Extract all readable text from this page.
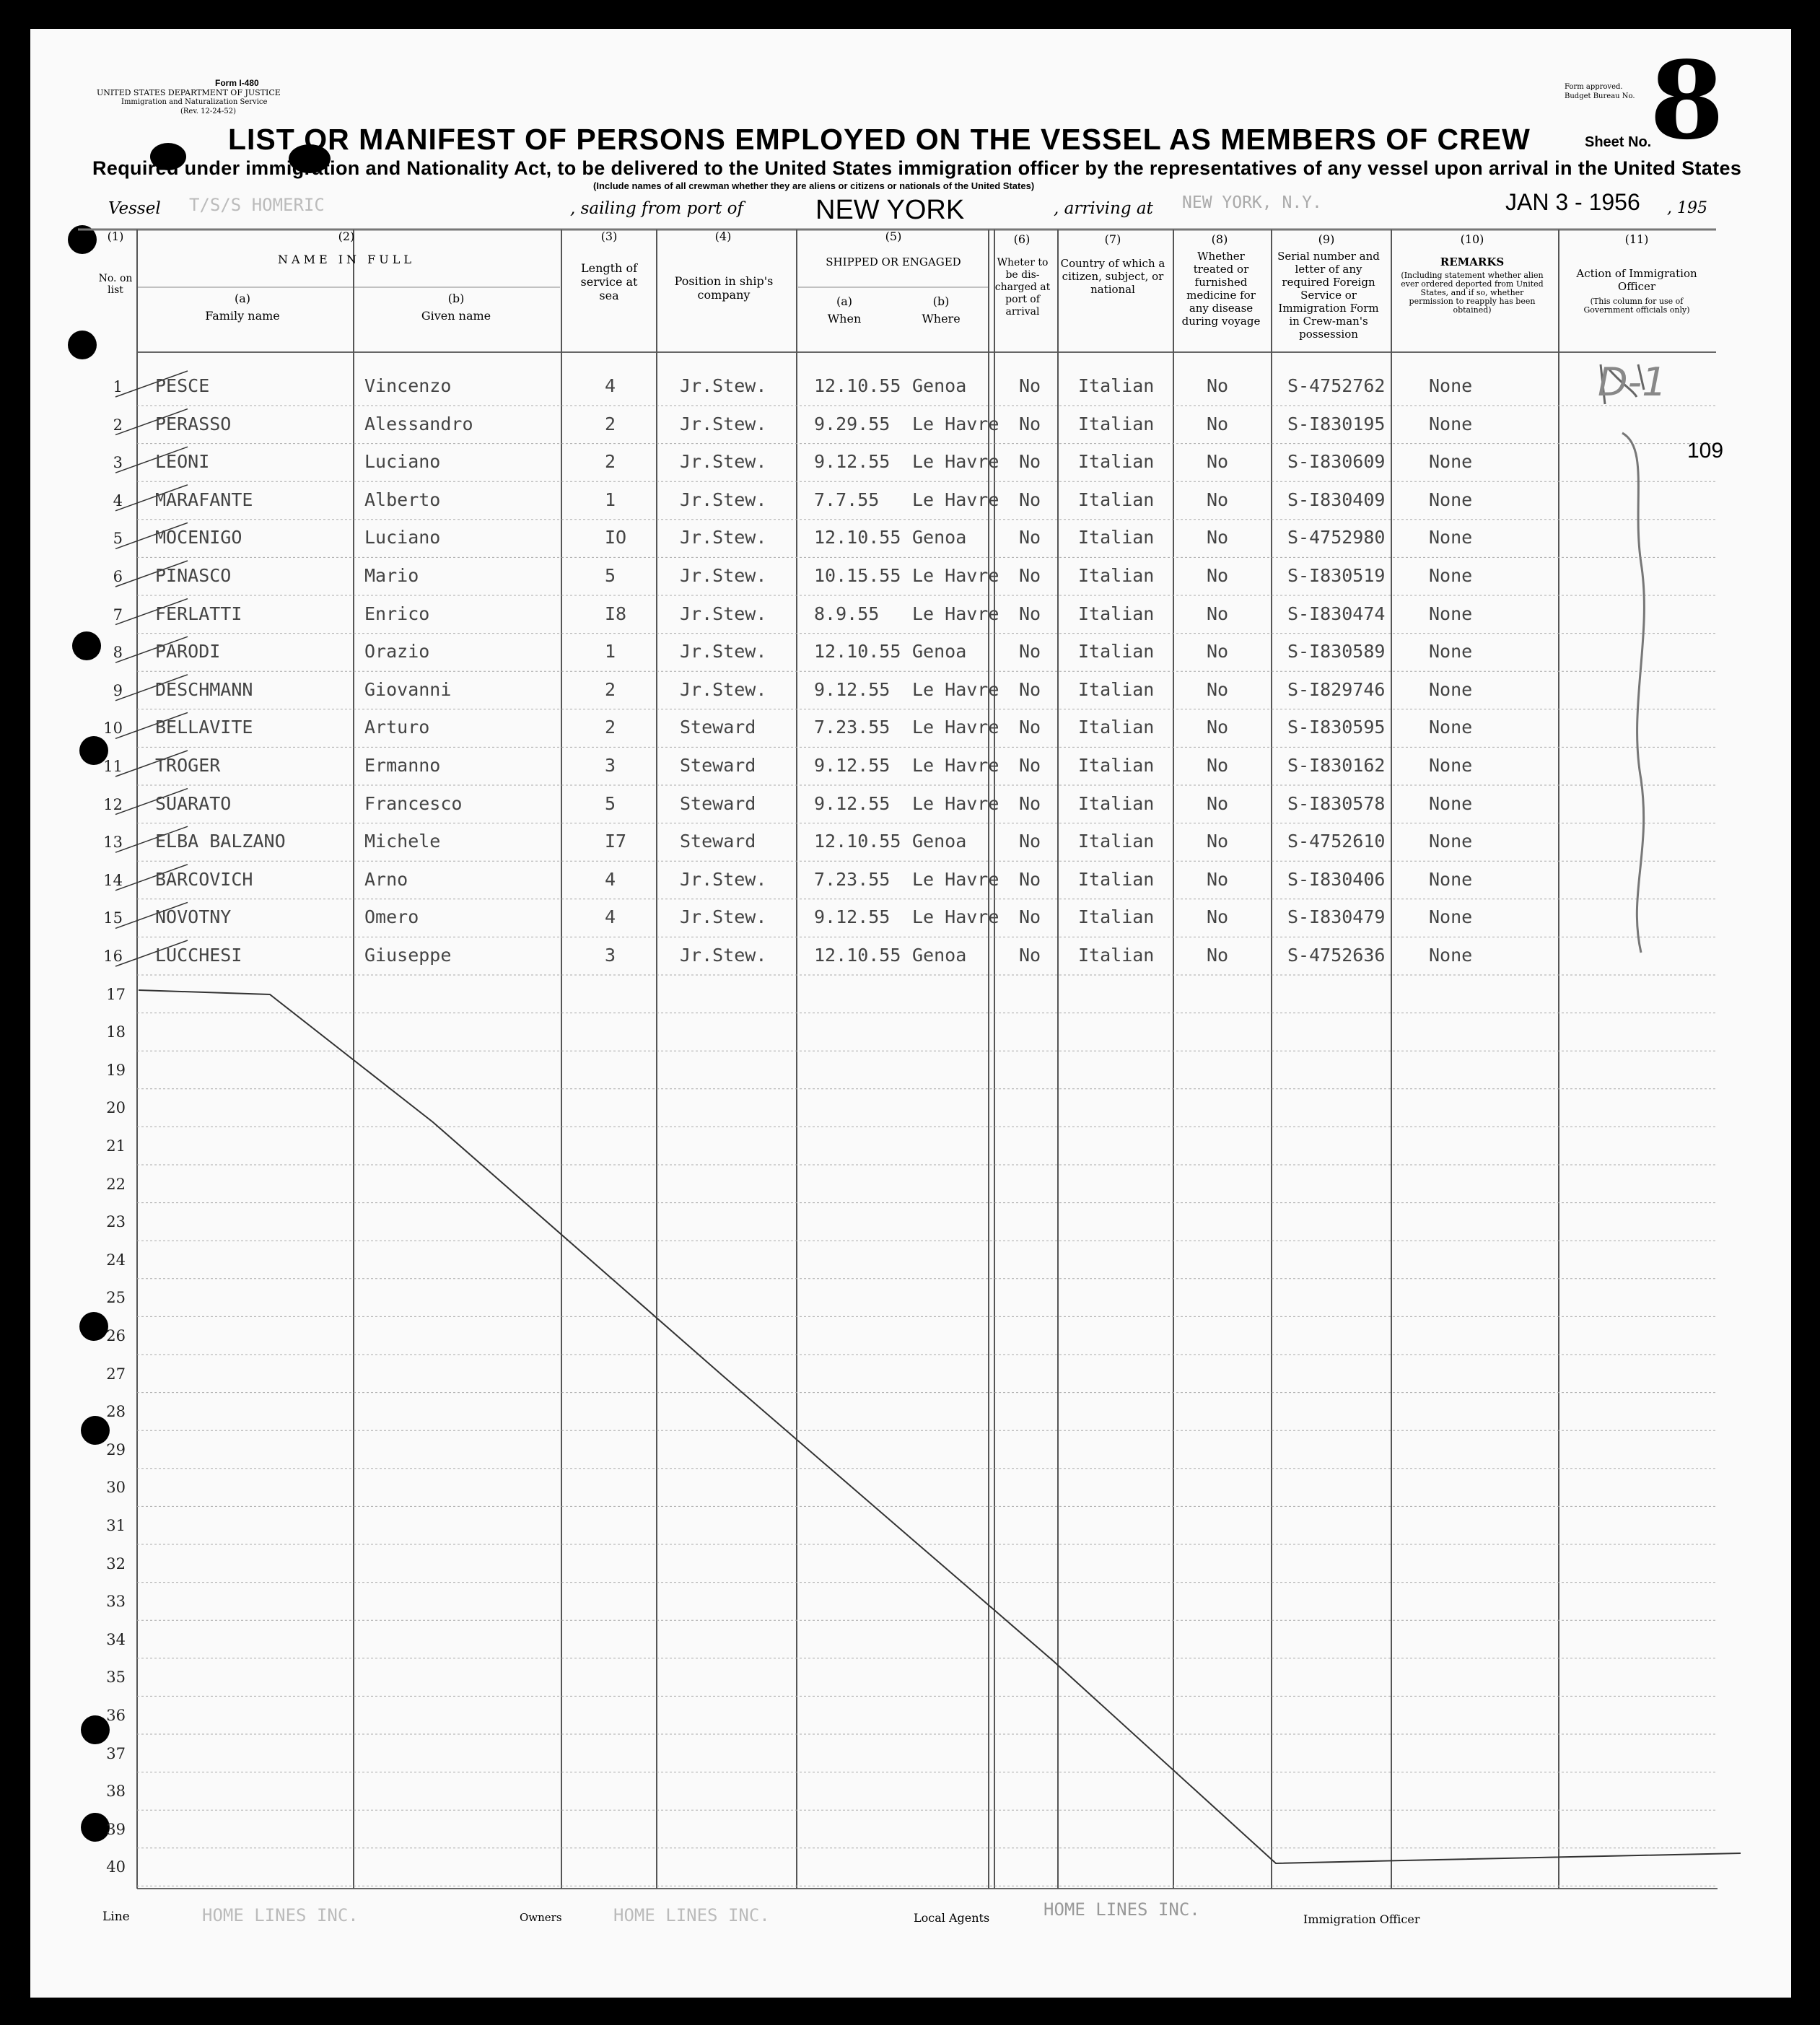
Form I-480
UNITED STATES DEPARTMENT OF JUSTICE
Immigration and Naturalization Service
(Rev. 12-24-52)
Form approved.
Budget Bureau No.
Sheet No.
8
LIST OR MANIFEST OF PERSONS EMPLOYED ON THE VESSEL AS MEMBERS OF CREW
Required under immigration and Nationality Act, to be delivered to the United States immigration officer by the representatives of any vessel upon arrival in the United States
(Include names of all crewman whether they are aliens or citizens or nationals of the United States)
Vessel T/S/S HOMERIC	, sailing from port of	NEW YORK	, arriving at NEW YORK, N.Y.	JAN 3 - 1956 , 195
(1)
No. on list
(2)
NAME IN FULL
(a)
Family name
(b)
Given name
(3)
Length of service at sea
(4)
Position in ship's company
(5)
SHIPPED OR ENGAGED
(a)
When
(b)
Where
(6)
Wheter to be dis-charged at port of arrival
(7)
Country of which a citizen, subject, or national
(8)
Whether treated or furnished medicine for any disease during voyage
(9)
Serial number and letter of any required Foreign Service or Immigration Form in Crew-man's possession
(10)
REMARKS
(Including statement whether alien ever ordered deported from United States, and if so, whether permission to reapply has been obtained)
(11)
Action of Immigration Officer
(This column for use of Government officials only)
1 PESCE	Vincenzo	4	Jr.Stew.	12.10.55 Genoa	No Italian	No	S-4752762 None
2 PERASSO	Alessandro	2	Jr.Stew.	9.29.55 Le Havre No Italian	No	S-I830195 None
3 LEONI	Luciano	2	Jr.Stew.	9.12.55 Le Havre No Italian	No	S-I830609 None
4 MARAFANTE	Alberto	1	Jr.Stew.	7.7.55 Le Havre No Italian	No	S-I830409 None
5 MOCENIGO	Luciano	IO	Jr.Stew.	12.10.55 Genoa	No Italian	No	S-4752980 None
6 PINASCO	Mario	5	Jr.Stew.	10.15.55 Le Havre No Italian	No	S-I830519 None
7 FERLATTI	Enrico	I8	Jr.Stew.	8.9.55 Le Havre No Italian	No	S-I830474 None
8 PARODI	Orazio	1	Jr.Stew.	12.10.55 Genoa	No Italian	No	S-I830589 None
9 DESCHMANN	Giovanni	2	Jr.Stew.	9.12.55 Le Havre No Italian	No	S-I829746 None
10 BELLAVITE	Arturo	2	Steward	7.23.55 Le Havre No Italian	No	S-I830595 None
11 TROGER	Ermanno	3	Steward	9.12.55 Le Havre No Italian	No	S-I830162 None
12 SUARATO	Francesco	5	Steward	9.12.55 Le Havre No Italian	No	S-I830578 None
13 ELBA BALZANO	Michele	I7	Steward	12.10.55 Genoa	No Italian	No	S-4752610 None
14 BARCOVICH	Arno	4	Jr.Stew.	7.23.55 Le Havre No Italian	No	S-I830406 None
15 NOVOTNY	Omero	4	Jr.Stew.	9.12.55 Le Havre No Italian	No	S-I830479 None
16 LUCCHESI	Giuseppe	3	Jr.Stew.	12.10.55 Genoa	No Italian	No	S-4752636 None
17
18
19
20
21
22
23
24
25
26
27
28
29
30
31
32
33
34
35
36
37
38
39
40
D-1
109
Line	HOME LINES INC.	Owners	HOME LINES INC.	Local Agents	HOME LINES INC.	Immigration Officer
